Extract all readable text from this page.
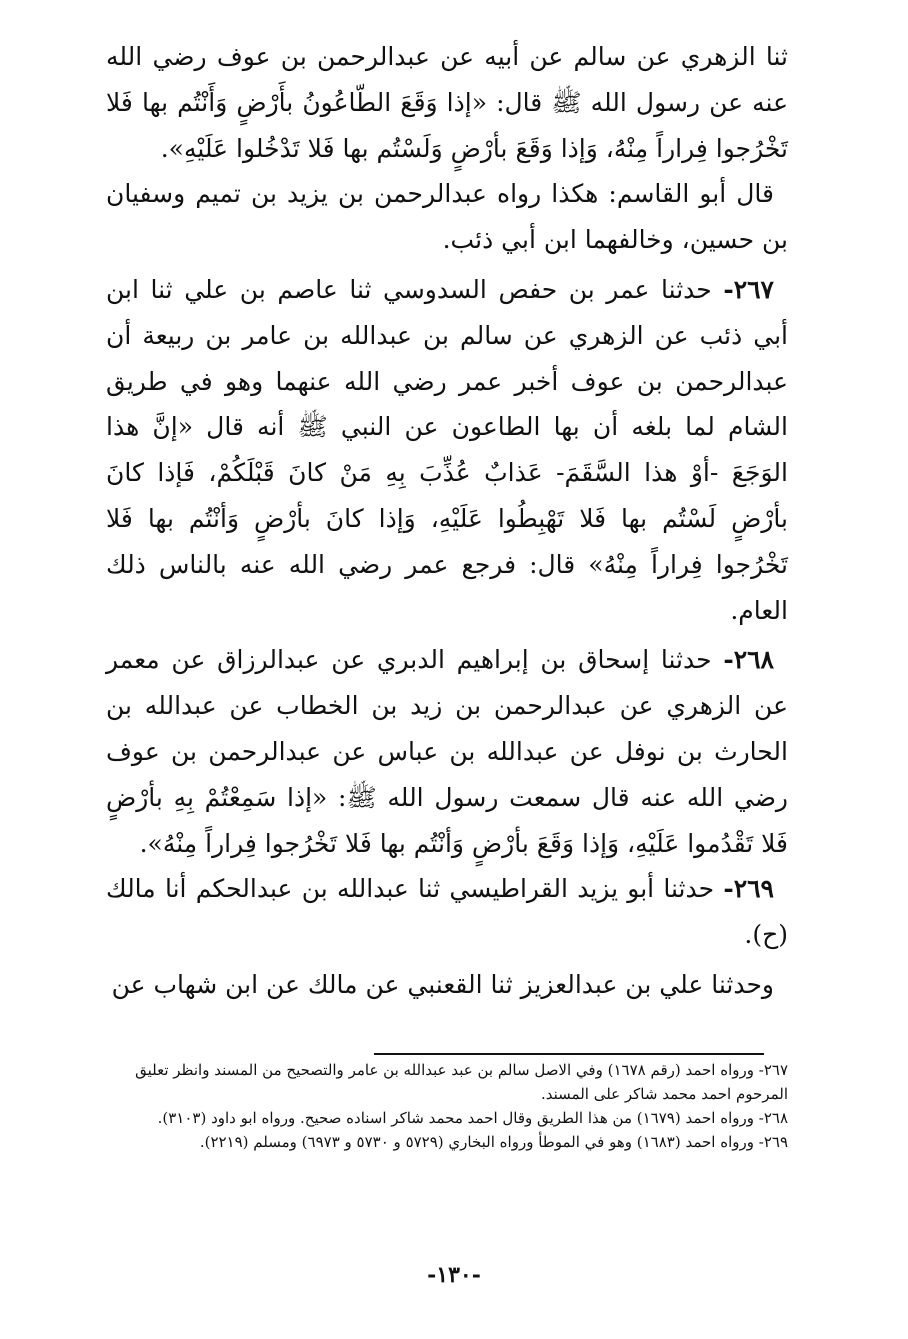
ثنا الزهري عن سالم عن أبيه عن عبدالرحمن بن عوف رضي الله عنه عن رسول الله ﷺ قال: «إذا وَقَعَ الطّاعُونُ بأَرْضٍ وَأَنْتُم بها فَلا تَخْرُجوا فِراراً مِنْهُ، وَإذا وَقَعَ بأرْضٍ وَلَسْتُم بها فَلا تَدْخُلوا عَلَيْهِ».

قال أبو القاسم: هكذا رواه عبدالرحمن بن يزيد بن تميم وسفيان بن حسين، وخالفهما ابن أبي ذئب.

٢٦٧- حدثنا عمر بن حفص السدوسي ثنا عاصم بن علي ثنا ابن أبي ذئب عن الزهري عن سالم بن عبدالله بن عامر بن ربيعة أن عبدالرحمن بن عوف أخبر عمر رضي الله عنهما وهو في طريق الشام لما بلغه أن بها الطاعون عن النبي ﷺ أنه قال «إنَّ هذا الوَجَعَ -أوْ هذا السَّقَمَ- عَذابٌ عُذِّبَ بِهِ مَنْ كانَ قَبْلَكُمْ، فَإذا كانَ بأرْضٍ لَسْتُم بها فَلا تَهْبِطُوا عَلَيْهِ، وَإذا كانَ بأرْضٍ وَأنْتُم بها فَلا تَخْرُجوا فِراراً مِنْهُ» قال: فرجع عمر رضي الله عنه بالناس ذلك العام.

٢٦٨- حدثنا إسحاق بن إبراهيم الدبري عن عبدالرزاق عن معمر عن الزهري عن عبدالرحمن بن زيد بن الخطاب عن عبدالله بن الحارث بن نوفل عن عبدالله بن عباس عن عبدالرحمن بن عوف رضي الله عنه قال سمعت رسول الله ﷺ: «إذا سَمِعْتُمْ بِهِ بأرْضٍ فَلا تَقْدُموا عَلَيْهِ، وَإذا وَقَعَ بأرْضٍ وَأنْتُم بها فَلا تَخْرُجوا فِراراً مِنْهُ».

٢٦٩- حدثنا أبو يزيد القراطيسي ثنا عبدالله بن عبدالحكم أنا مالك (ح).

وحدثنا علي بن عبدالعزيز ثنا القعنبي عن مالك عن ابن شهاب عن

٢٦٧- ورواه احمد (رقم ١٦٧٨) وفي الاصل سالم بن عبد عبدالله بن عامر والتصحيح من المسند وانظر تعليق المرحوم احمد محمد شاكر على المسند.

٢٦٨- ورواه احمد (١٦٧٩) من هذا الطريق وقال احمد محمد شاكر اسناده صحيح. ورواه ابو داود (٣١٠٣).

٢٦٩- ورواه احمد (١٦٨٣) وهو في الموطأ ورواه البخاري (٥٧٢٩ و ٥٧٣٠ و ٦٩٧٣) ومسلم (٢٢١٩).

-١٣٠-
